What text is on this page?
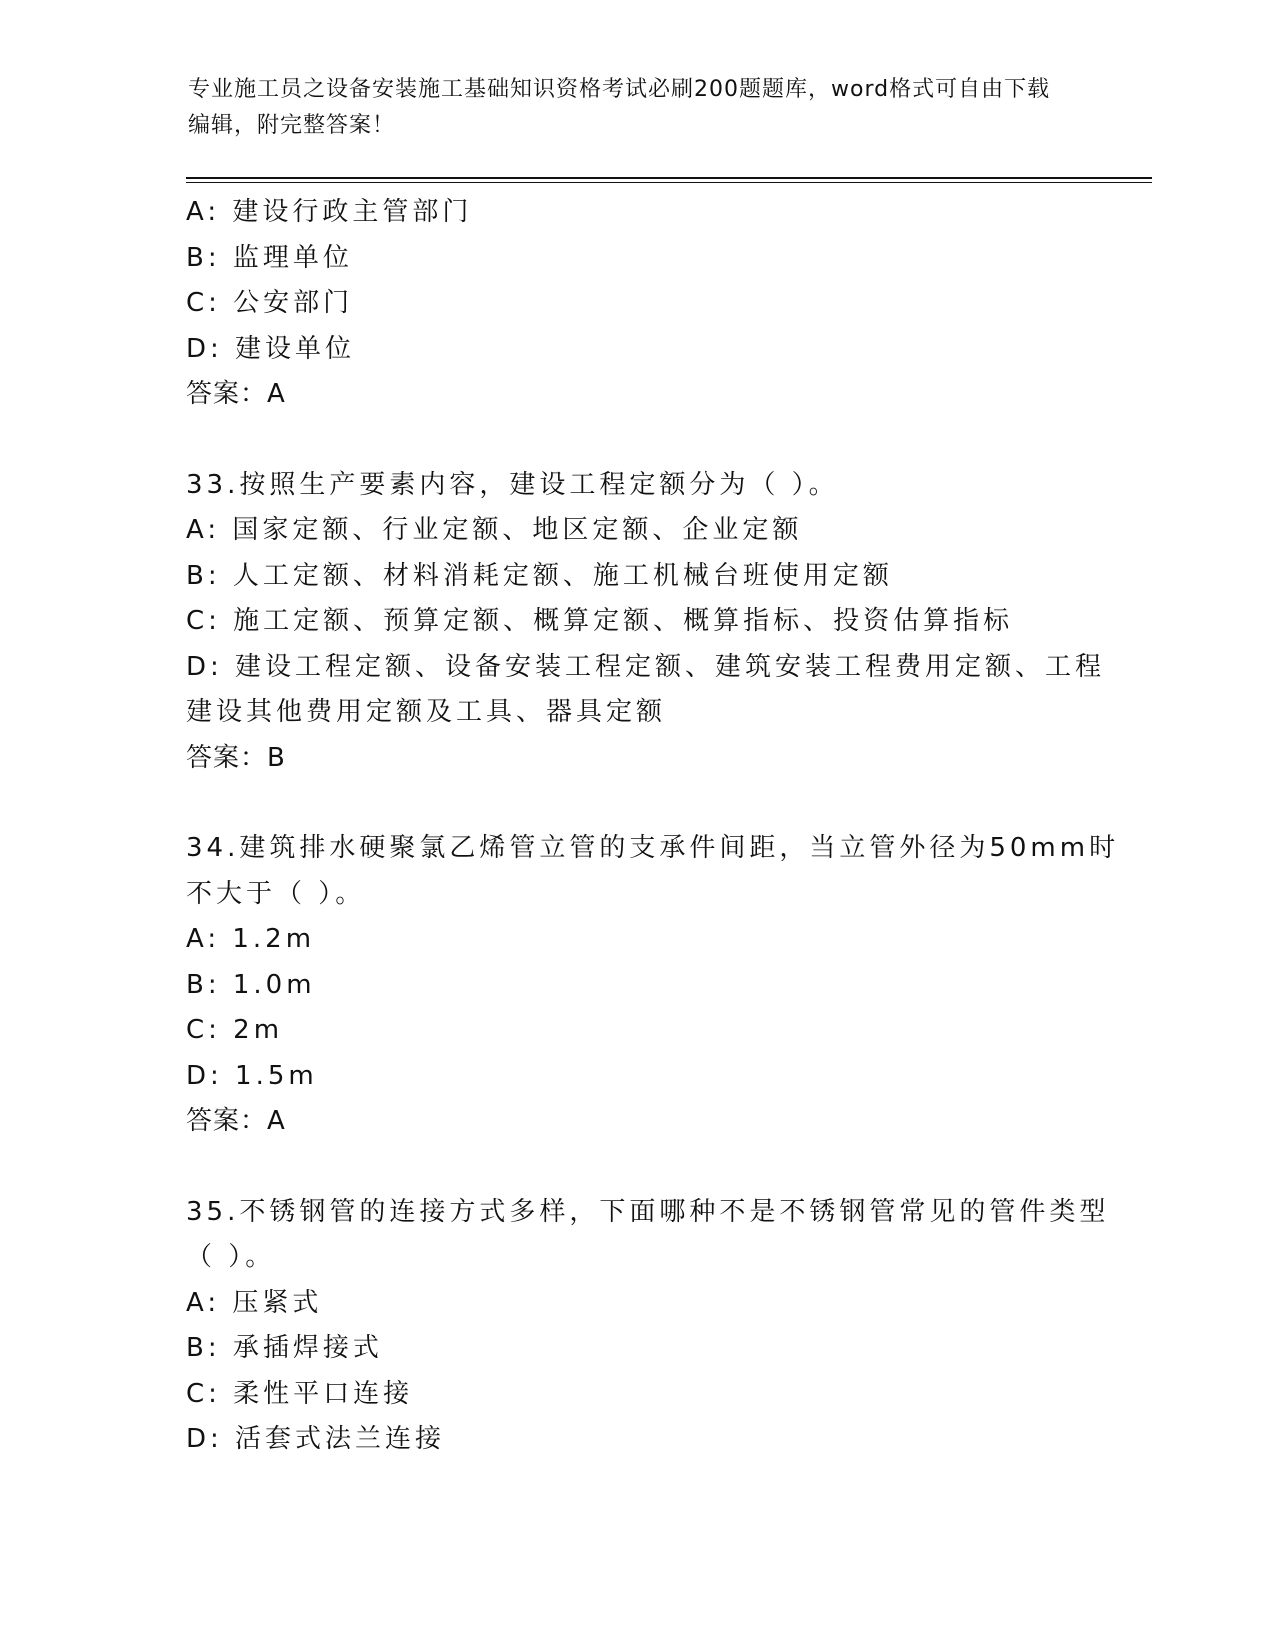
专业施工员之设备安装施工基础知识资格考试必刷200题题库，word格式可自由下载编辑，附完整答案！
A: 建设行政主管部门
B: 监理单位
C: 公安部门
D: 建设单位
答案：A
33.按照生产要素内容，建设工程定额分为（ ）。
A: 国家定额、行业定额、地区定额、企业定额
B: 人工定额、材料消耗定额、施工机械台班使用定额
C: 施工定额、预算定额、概算定额、概算指标、投资估算指标
D: 建设工程定额、设备安装工程定额、建筑安装工程费用定额、工程
建设其他费用定额及工具、器具定额
答案：B
34.建筑排水硬聚氯乙烯管立管的支承件间距，当立管外径为50mm时
不大于（ ）。
A: 1.2m
B: 1.0m
C: 2m
D: 1.5m
答案：A
35.不锈钢管的连接方式多样，下面哪种不是不锈钢管常见的管件类型
（ ）。
A: 压紧式
B: 承插焊接式
C: 柔性平口连接
D: 活套式法兰连接
